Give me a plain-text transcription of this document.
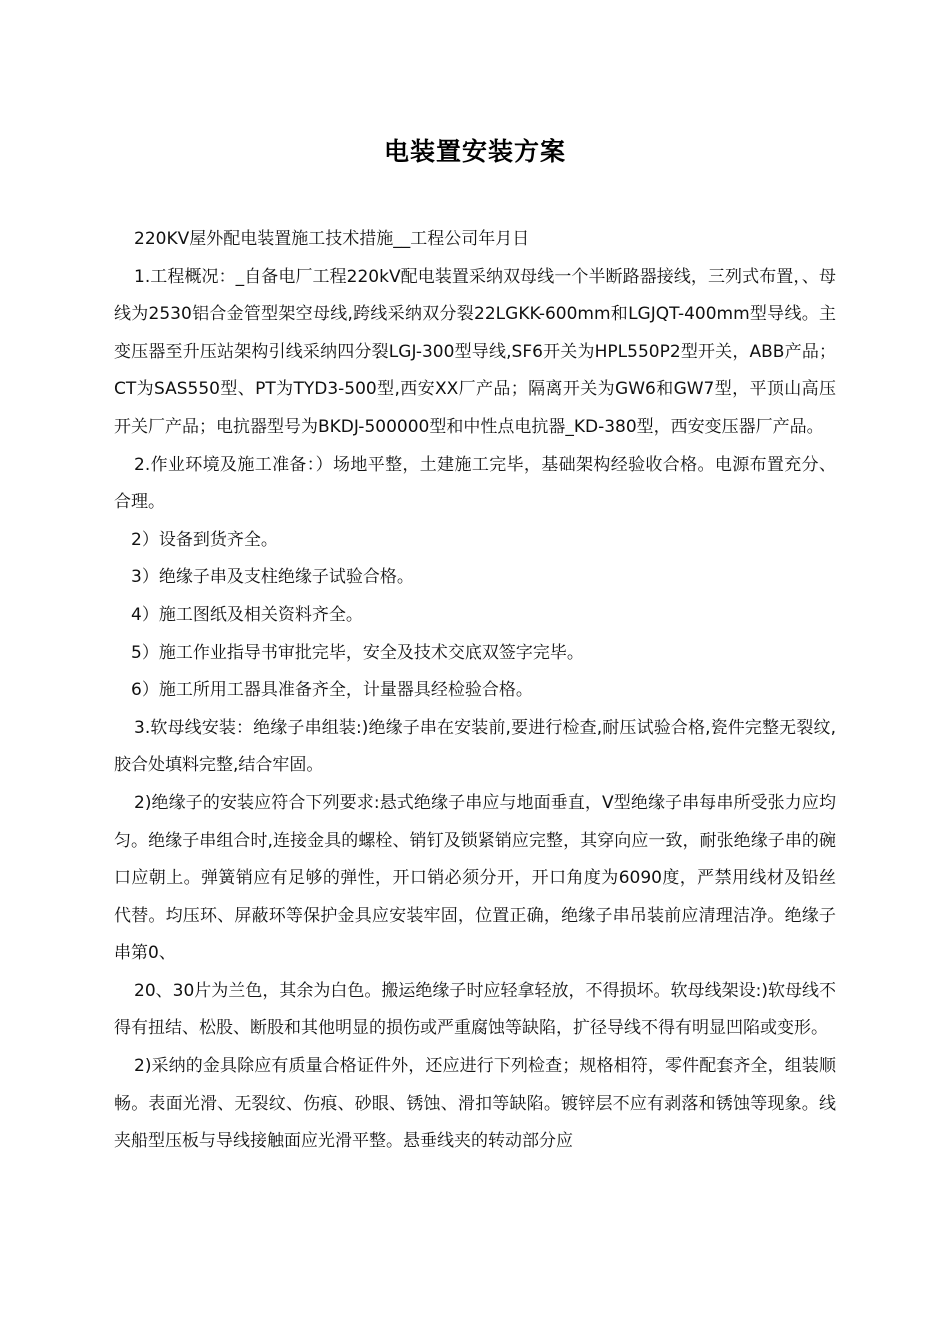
电装置安装方案

220KV屋外配电装置施工技术措施__工程公司年月日

1.工程概况：_自备电厂工程220kV配电装置采纳双母线一个半断路器接线，三列式布置，、母线为2530铝合金管型架空母线,跨线采纳双分裂22LGKK-600mm和LGJQT-400mm型导线。主变压器至升压站架构引线采纳四分裂LGJ-300型导线,SF6开关为HPL550P2型开关，ABB产品；CT为SAS550型、PT为TYD3-500型,西安XX厂产品；隔离开关为GW6和GW7型，平顶山高压开关厂产品；电抗器型号为BKDJ-500000型和中性点电抗器_KD-380型，西安变压器厂产品。

2.作业环境及施工准备：）场地平整，土建施工完毕，基础架构经验收合格。电源布置充分、合理。

2）设备到货齐全。

3）绝缘子串及支柱绝缘子试验合格。

4）施工图纸及相关资料齐全。

5）施工作业指导书审批完毕，安全及技术交底双签字完毕。

6）施工所用工器具准备齐全，计量器具经检验合格。

3.软母线安装：绝缘子串组装:)绝缘子串在安装前,要进行检查,耐压试验合格,瓷件完整无裂纹,胶合处填料完整,结合牢固。

2)绝缘子的安装应符合下列要求:悬式绝缘子串应与地面垂直，V型绝缘子串每串所受张力应均匀。绝缘子串组合时,连接金具的螺栓、销钉及锁紧销应完整，其穿向应一致，耐张绝缘子串的碗口应朝上。弹簧销应有足够的弹性，开口销必须分开，开口角度为6090度，严禁用线材及铅丝代替。均压环、屏蔽环等保护金具应安装牢固，位置正确，绝缘子串吊装前应清理洁净。绝缘子串第0、

20、30片为兰色，其余为白色。搬运绝缘子时应轻拿轻放，不得损坏。软母线架设:)软母线不得有扭结、松股、断股和其他明显的损伤或严重腐蚀等缺陷，扩径导线不得有明显凹陷或变形。

2)采纳的金具除应有质量合格证件外，还应进行下列检查；规格相符，零件配套齐全，组装顺畅。表面光滑、无裂纹、伤痕、砂眼、锈蚀、滑扣等缺陷。镀锌层不应有剥落和锈蚀等现象。线夹船型压板与导线接触面应光滑平整。悬垂线夹的转动部分应
